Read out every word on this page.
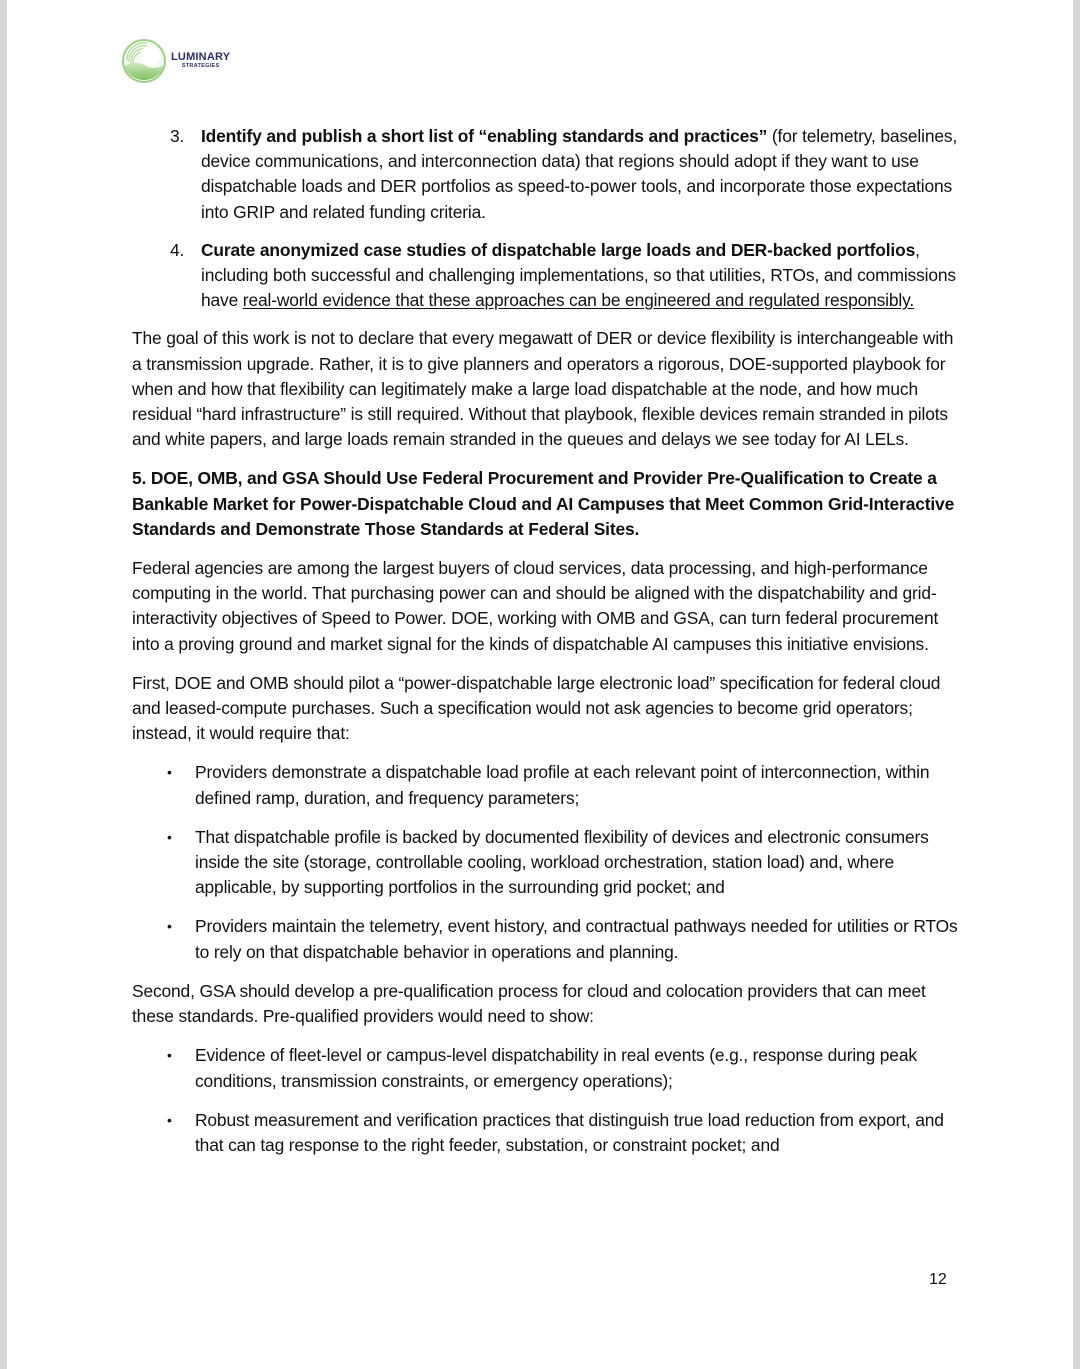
LUMINARY
STRATEGIES
3. Identify and publish a short list of “enabling standards and practices” (for telemetry, baselines, device communications, and interconnection data) that regions should adopt if they want to use dispatchable loads and DER portfolios as speed-to-power tools, and incorporate those expectations into GRIP and related funding criteria.

4. Curate anonymized case studies of dispatchable large loads and DER-backed portfolios, including both successful and challenging implementations, so that utilities, RTOs, and commissions have real-world evidence that these approaches can be engineered and regulated responsibly.

The goal of this work is not to declare that every megawatt of DER or device flexibility is interchangeable with a transmission upgrade. Rather, it is to give planners and operators a rigorous, DOE-supported playbook for when and how that flexibility can legitimately make a large load dispatchable at the node, and how much residual “hard infrastructure” is still required. Without that playbook, flexible devices remain stranded in pilots and white papers, and large loads remain stranded in the queues and delays we see today for AI LELs.

5. DOE, OMB, and GSA Should Use Federal Procurement and Provider Pre-Qualification to Create a Bankable Market for Power-Dispatchable Cloud and AI Campuses that Meet Common Grid-Interactive Standards and Demonstrate Those Standards at Federal Sites.

Federal agencies are among the largest buyers of cloud services, data processing, and high-performance computing in the world. That purchasing power can and should be aligned with the dispatchability and grid-interactivity objectives of Speed to Power. DOE, working with OMB and GSA, can turn federal procurement into a proving ground and market signal for the kinds of dispatchable AI campuses this initiative envisions.

First, DOE and OMB should pilot a “power-dispatchable large electronic load” specification for federal cloud and leased-compute purchases. Such a specification would not ask agencies to become grid operators; instead, it would require that:

•	Providers demonstrate a dispatchable load profile at each relevant point of interconnection, within defined ramp, duration, and frequency parameters;

•	That dispatchable profile is backed by documented flexibility of devices and electronic consumers inside the site (storage, controllable cooling, workload orchestration, station load) and, where applicable, by supporting portfolios in the surrounding grid pocket; and

•	Providers maintain the telemetry, event history, and contractual pathways needed for utilities or RTOs to rely on that dispatchable behavior in operations and planning.

Second, GSA should develop a pre-qualification process for cloud and colocation providers that can meet these standards. Pre-qualified providers would need to show:

•	Evidence of fleet-level or campus-level dispatchability in real events (e.g., response during peak conditions, transmission constraints, or emergency operations);

•	Robust measurement and verification practices that distinguish true load reduction from export, and that can tag response to the right feeder, substation, or constraint pocket; and

12
